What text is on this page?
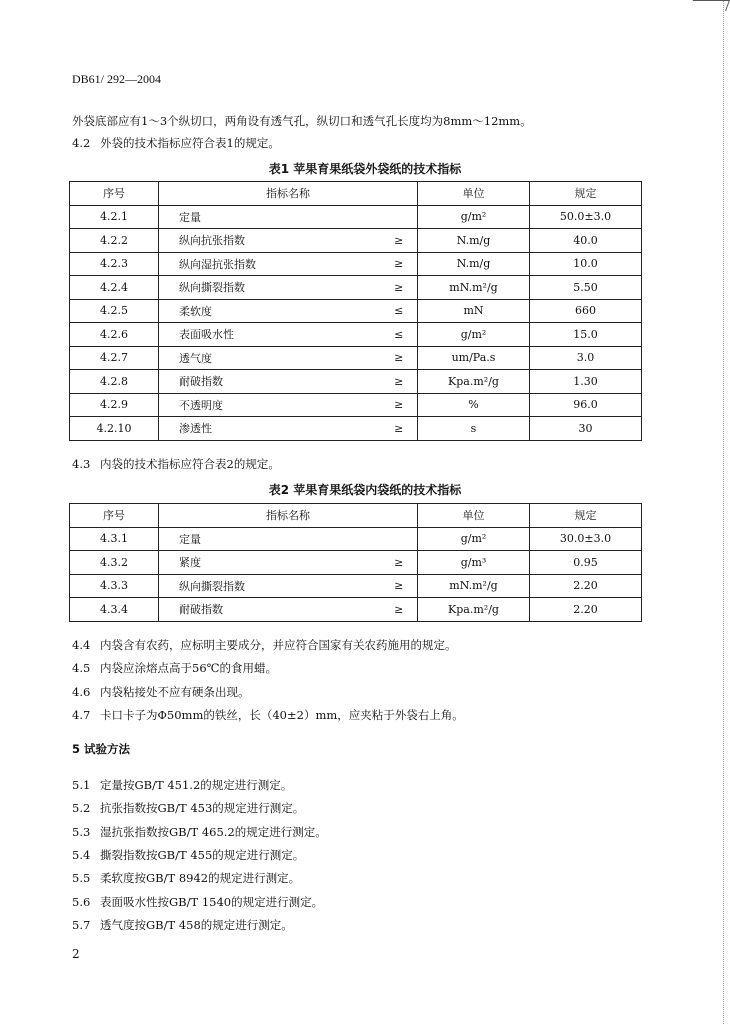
DB61/ 292—2004
外袋底部应有1～3个纵切口，两角设有透气孔，纵切口和透气孔长度均为8mm～12mm。
4.2 外袋的技术指标应符合表1的规定。
表1 苹果育果纸袋外袋纸的技术指标
序号	指标名称		单位	规定
4.2.1	定量		g/m²	50.0±3.0
4.2.2	纵向抗张指数	≥	N.m/g	40.0
4.2.3	纵向湿抗张指数	≥	N.m/g	10.0
4.2.4	纵向撕裂指数	≥	mN.m²/g	5.50
4.2.5	柔软度	≤	mN	660
4.2.6	表面吸水性	≤	g/m²	15.0
4.2.7	透气度	≥	um/Pa.s	3.0
4.2.8	耐破指数	≥	Kpa.m²/g	1.30
4.2.9	不透明度	≥	%	96.0
4.2.10	渗透性	≥	s	30
4.3 内袋的技术指标应符合表2的规定。
表2 苹果育果纸袋内袋纸的技术指标
序号	指标名称		单位	规定
4.3.1	定量		g/m²	30.0±3.0
4.3.2	紧度	≥	g/m³	0.95
4.3.3	纵向撕裂指数	≥	mN.m²/g	2.20
4.3.4	耐破指数	≥	Kpa.m²/g	2.20
4.4 内袋含有农药，应标明主要成分，并应符合国家有关农药施用的规定。
4.5 内袋应涂熔点高于56℃的食用蜡。
4.6 内袋粘接处不应有硬条出现。
4.7 卡口卡子为Φ50mm的铁丝，长（40±2）mm，应夹粘于外袋右上角。
5 试验方法
5.1 定量按GB/T 451.2的规定进行测定。
5.2 抗张指数按GB/T 453的规定进行测定。
5.3 湿抗张指数按GB/T 465.2的规定进行测定。
5.4 撕裂指数按GB/T 455的规定进行测定。
5.5 柔软度按GB/T 8942的规定进行测定。
5.6 表面吸水性按GB/T 1540的规定进行测定。
5.7 透气度按GB/T 458的规定进行测定。
2
